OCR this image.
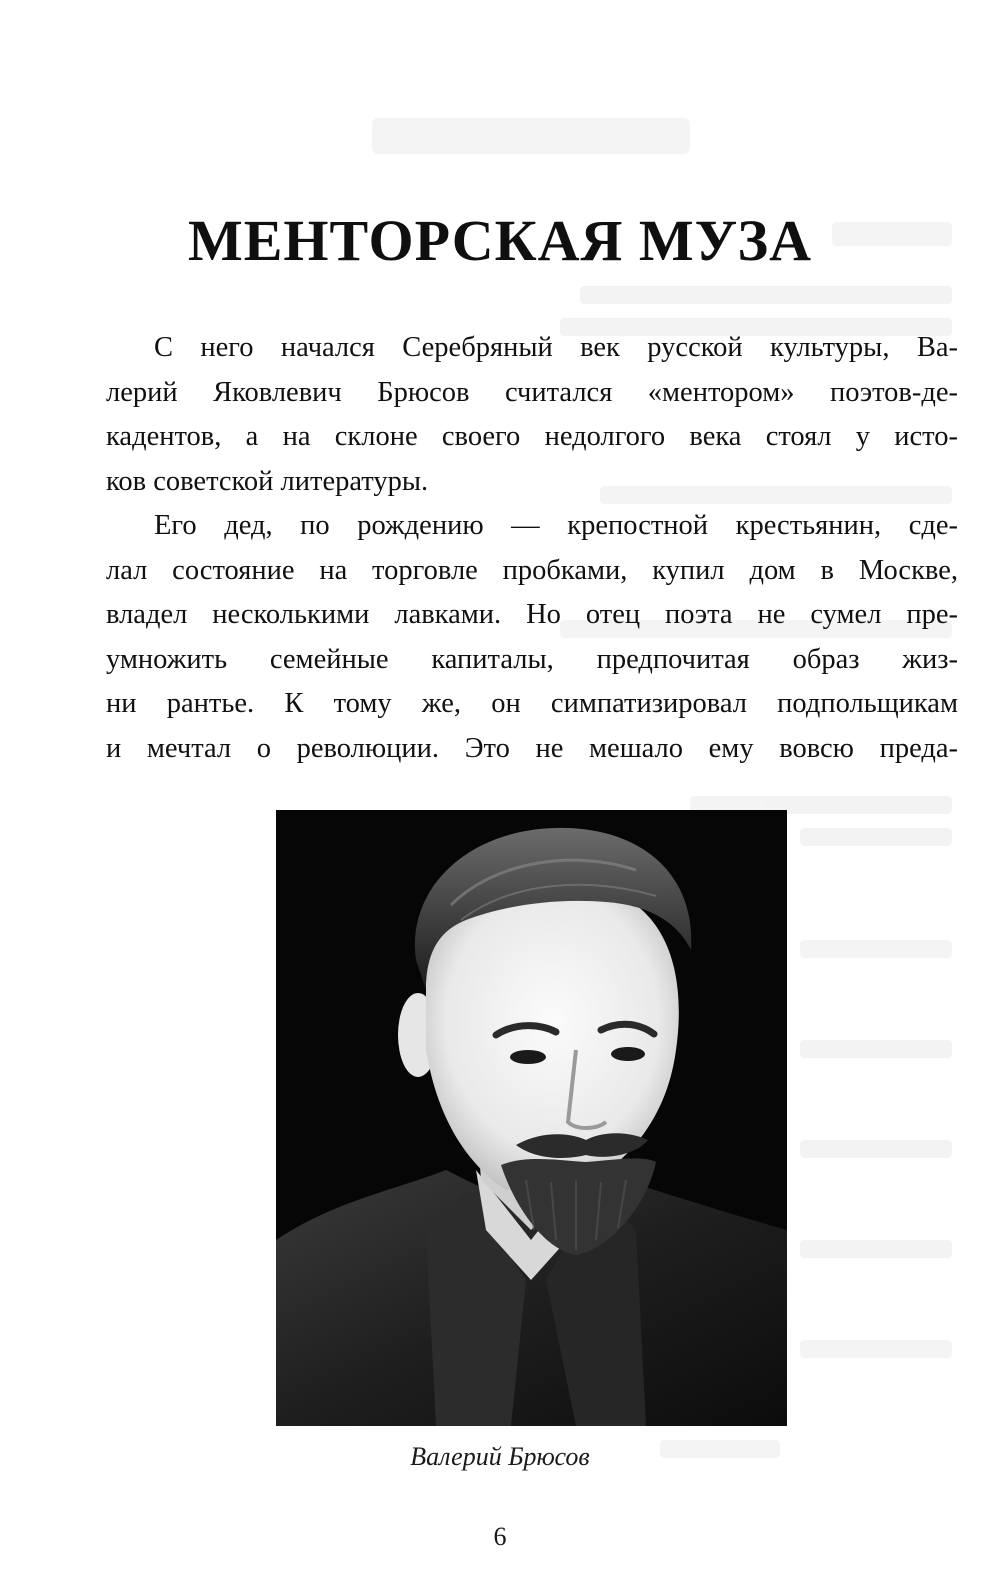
МЕНТОРСКАЯ МУЗА
С него начался Серебряный век русской культуры, Ва-
лерий Яковлевич Брюсов считался «ментором» поэтов-де-
кадентов, а на склоне своего недолгого века стоял у исто-
ков советской литературы.
Его дед, по рождению — крепостной крестьянин, сде-
лал состояние на торговле пробками, купил дом в Москве,
владел несколькими лавками. Но отец поэта не сумел пре-
умножить семейные капиталы, предпочитая образ жиз-
ни рантье. К тому же, он симпатизировал подпольщикам
и мечтал о революции. Это не мешало ему вовсю преда-
Валерий Брюсов
6
